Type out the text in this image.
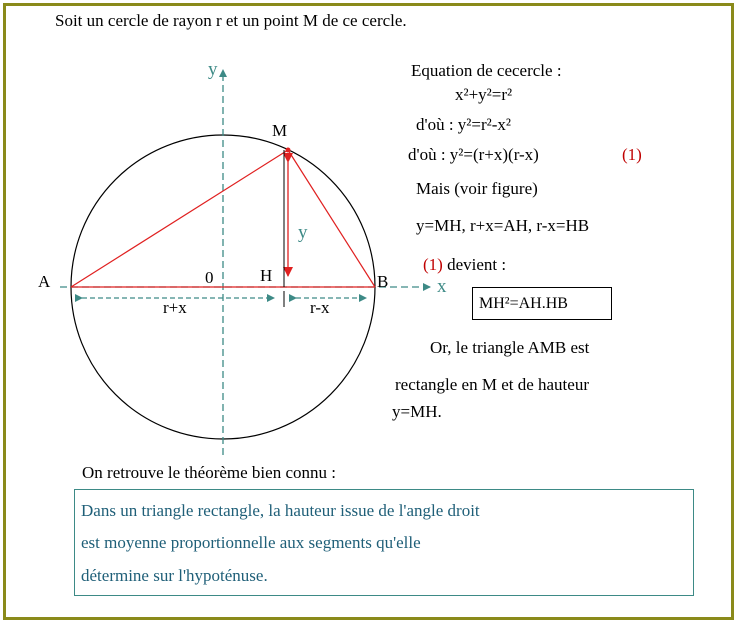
Soit un cercle de rayon r et un point M de ce cercle.
A	B
M
H
0	x
y
y
r+x	r-x
Equation de cecercle :
x²+y²=r²
d'où : y²=r²-x²
d'où : y²=(r+x)(r-x)	(1)
Mais (voir figure)
y=MH, r+x=AH, r-x=HB
(1) devient :
MH²=AH.HB
Or, le triangle AMB est
rectangle en M et de hauteur
y=MH.
On retrouve le théorème bien connu :
Dans un triangle rectangle, la hauteur issue de l'angle droit
est moyenne proportionnelle aux segments qu'elle
détermine sur l'hypoténuse.
